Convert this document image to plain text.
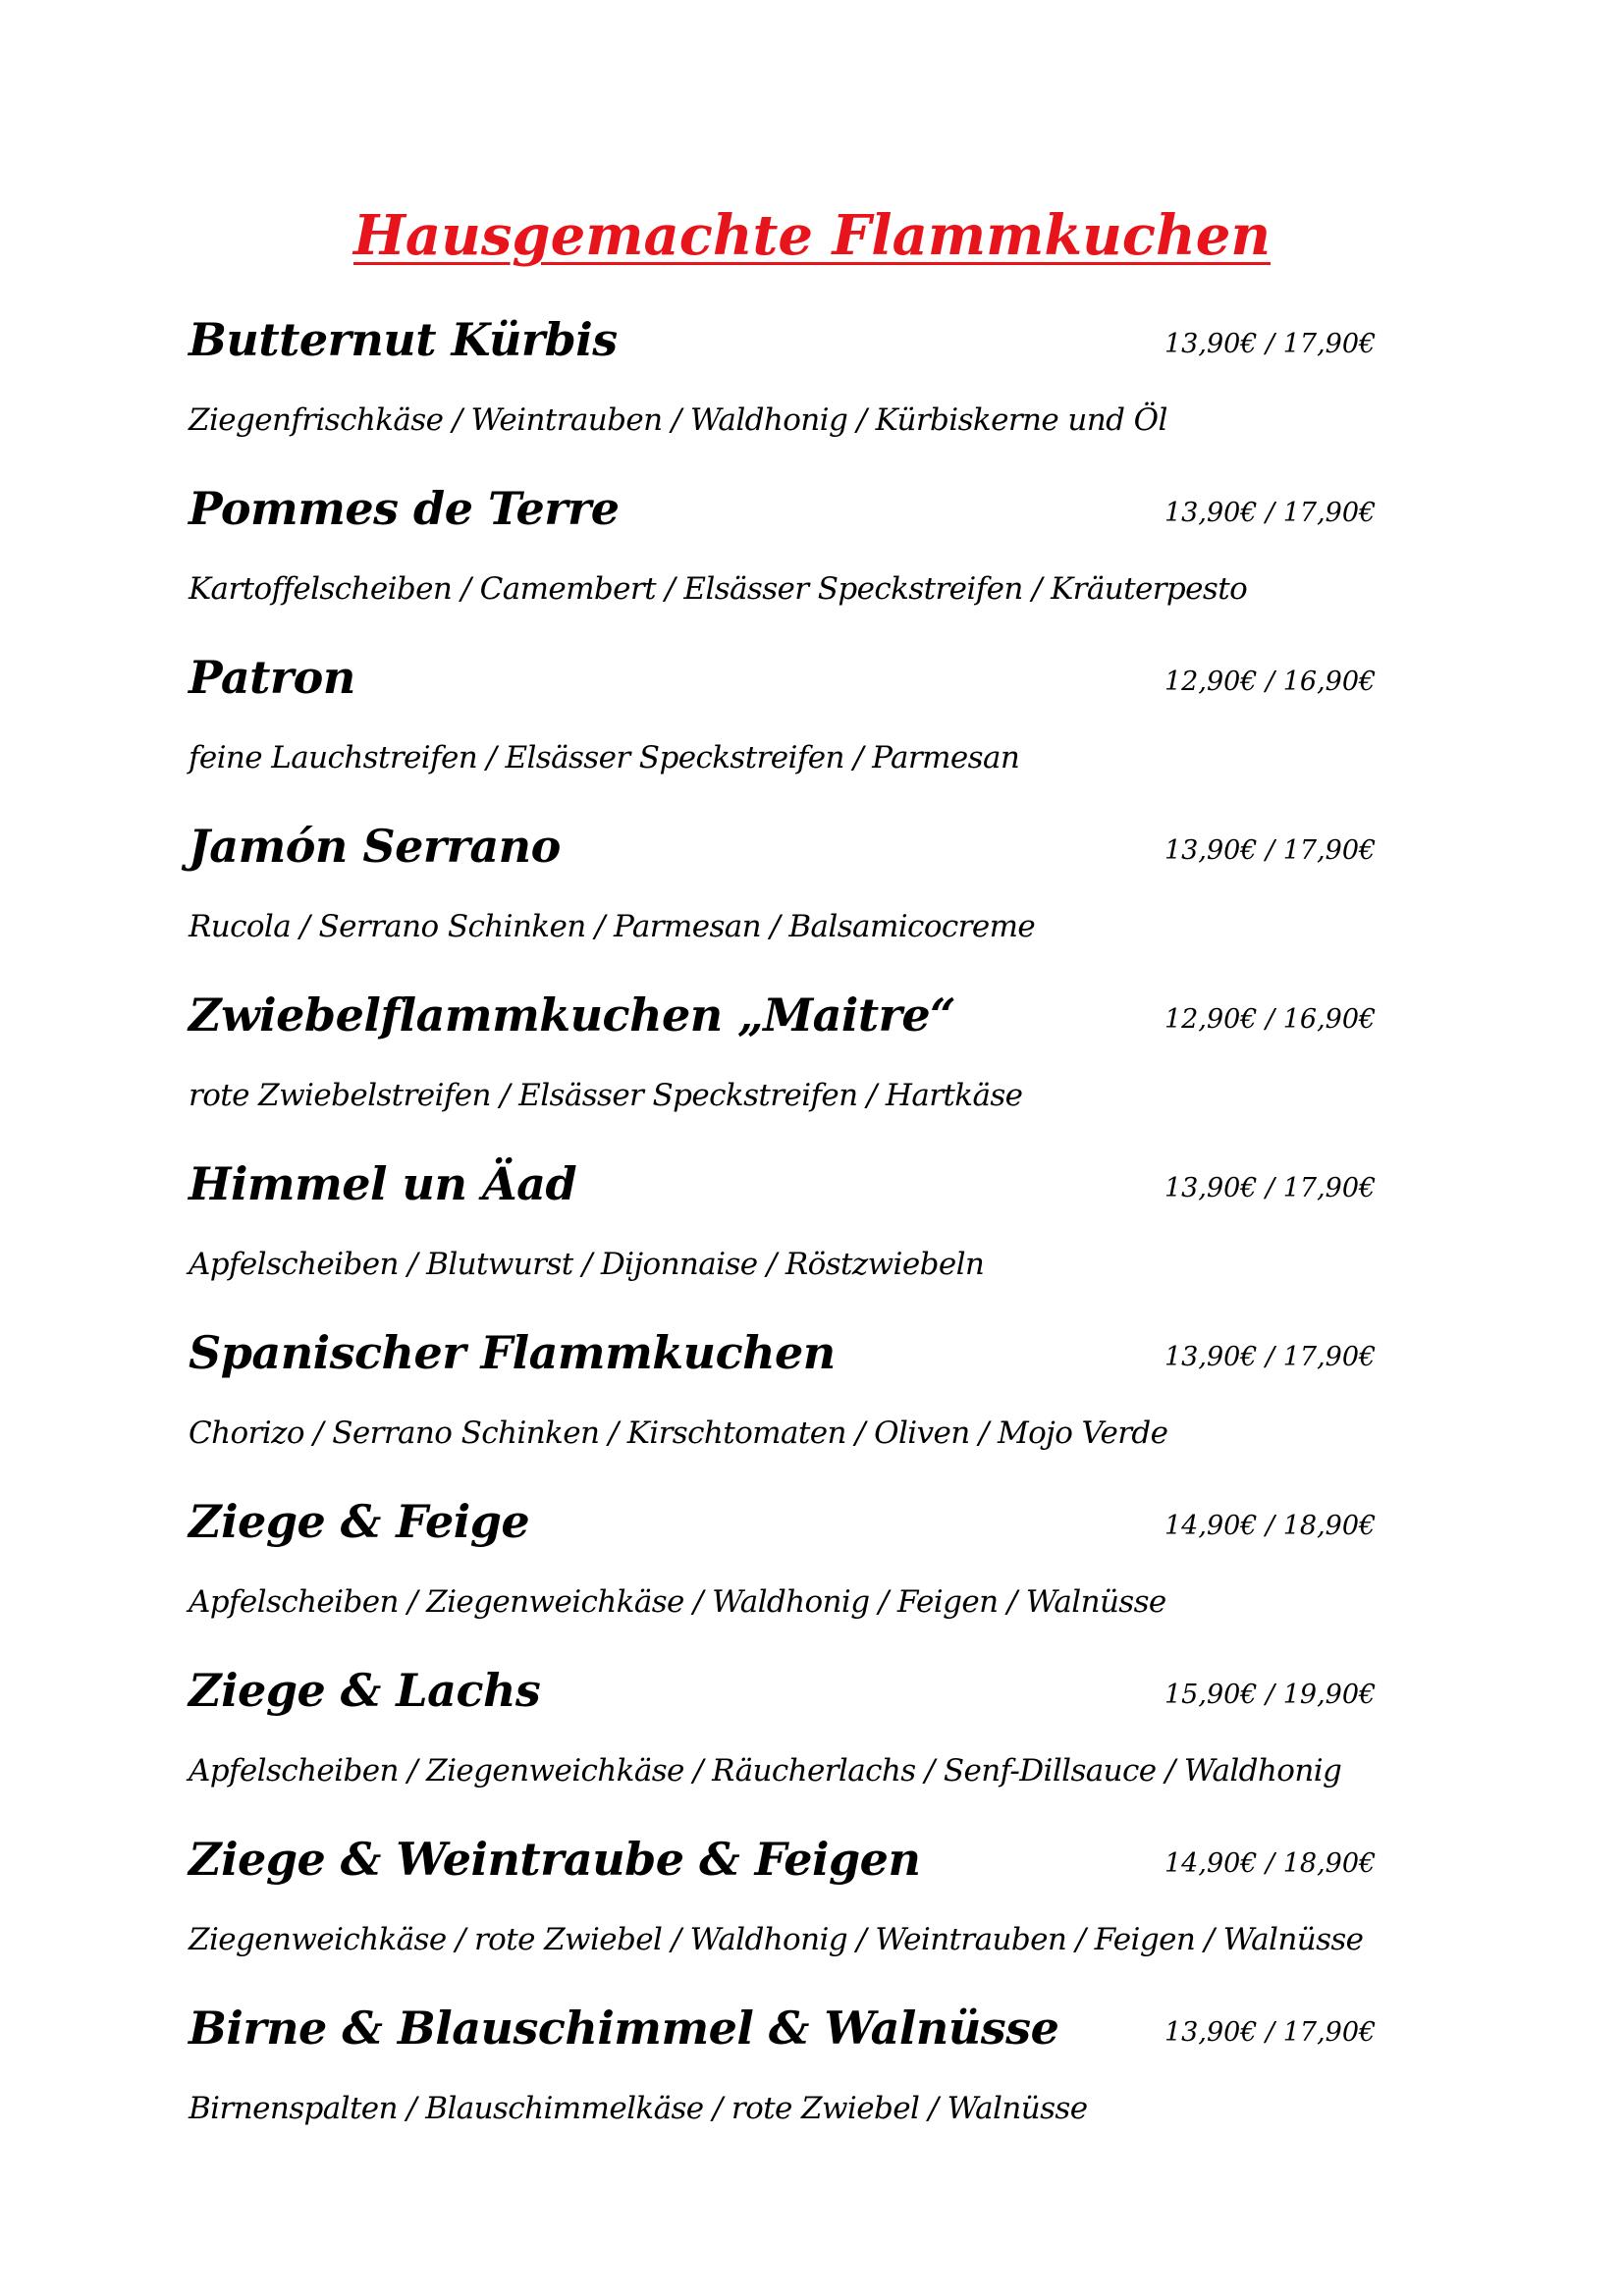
Hausgemachte Flammkuchen
Butternut Kürbis	13,90€ / 17,90€
Ziegenfrischkäse / Weintrauben / Waldhonig / Kürbiskerne und Öl
Pommes de Terre	13,90€ / 17,90€
Kartoffelscheiben / Camembert / Elsässer Speckstreifen / Kräuterpesto
Patron	12,90€ / 16,90€
feine Lauchstreifen / Elsässer Speckstreifen / Parmesan
Jamón Serrano	13,90€ / 17,90€
Rucola / Serrano Schinken / Parmesan / Balsamicocreme
Zwiebelflammkuchen „Maitre“	12,90€ / 16,90€
rote Zwiebelstreifen / Elsässer Speckstreifen / Hartkäse
Himmel un Äad	13,90€ / 17,90€
Apfelscheiben / Blutwurst / Dijonnaise / Röstzwiebeln
Spanischer Flammkuchen	13,90€ / 17,90€
Chorizo / Serrano Schinken / Kirschtomaten / Oliven / Mojo Verde
Ziege & Feige	14,90€ / 18,90€
Apfelscheiben / Ziegenweichkäse / Waldhonig / Feigen / Walnüsse
Ziege & Lachs	15,90€ / 19,90€
Apfelscheiben / Ziegenweichkäse / Räucherlachs / Senf-Dillsauce / Waldhonig
Ziege & Weintraube & Feigen	14,90€ / 18,90€
Ziegenweichkäse / rote Zwiebel / Waldhonig / Weintrauben / Feigen / Walnüsse
Birne & Blauschimmel & Walnüsse	13,90€ / 17,90€
Birnenspalten / Blauschimmelkäse / rote Zwiebel / Walnüsse
